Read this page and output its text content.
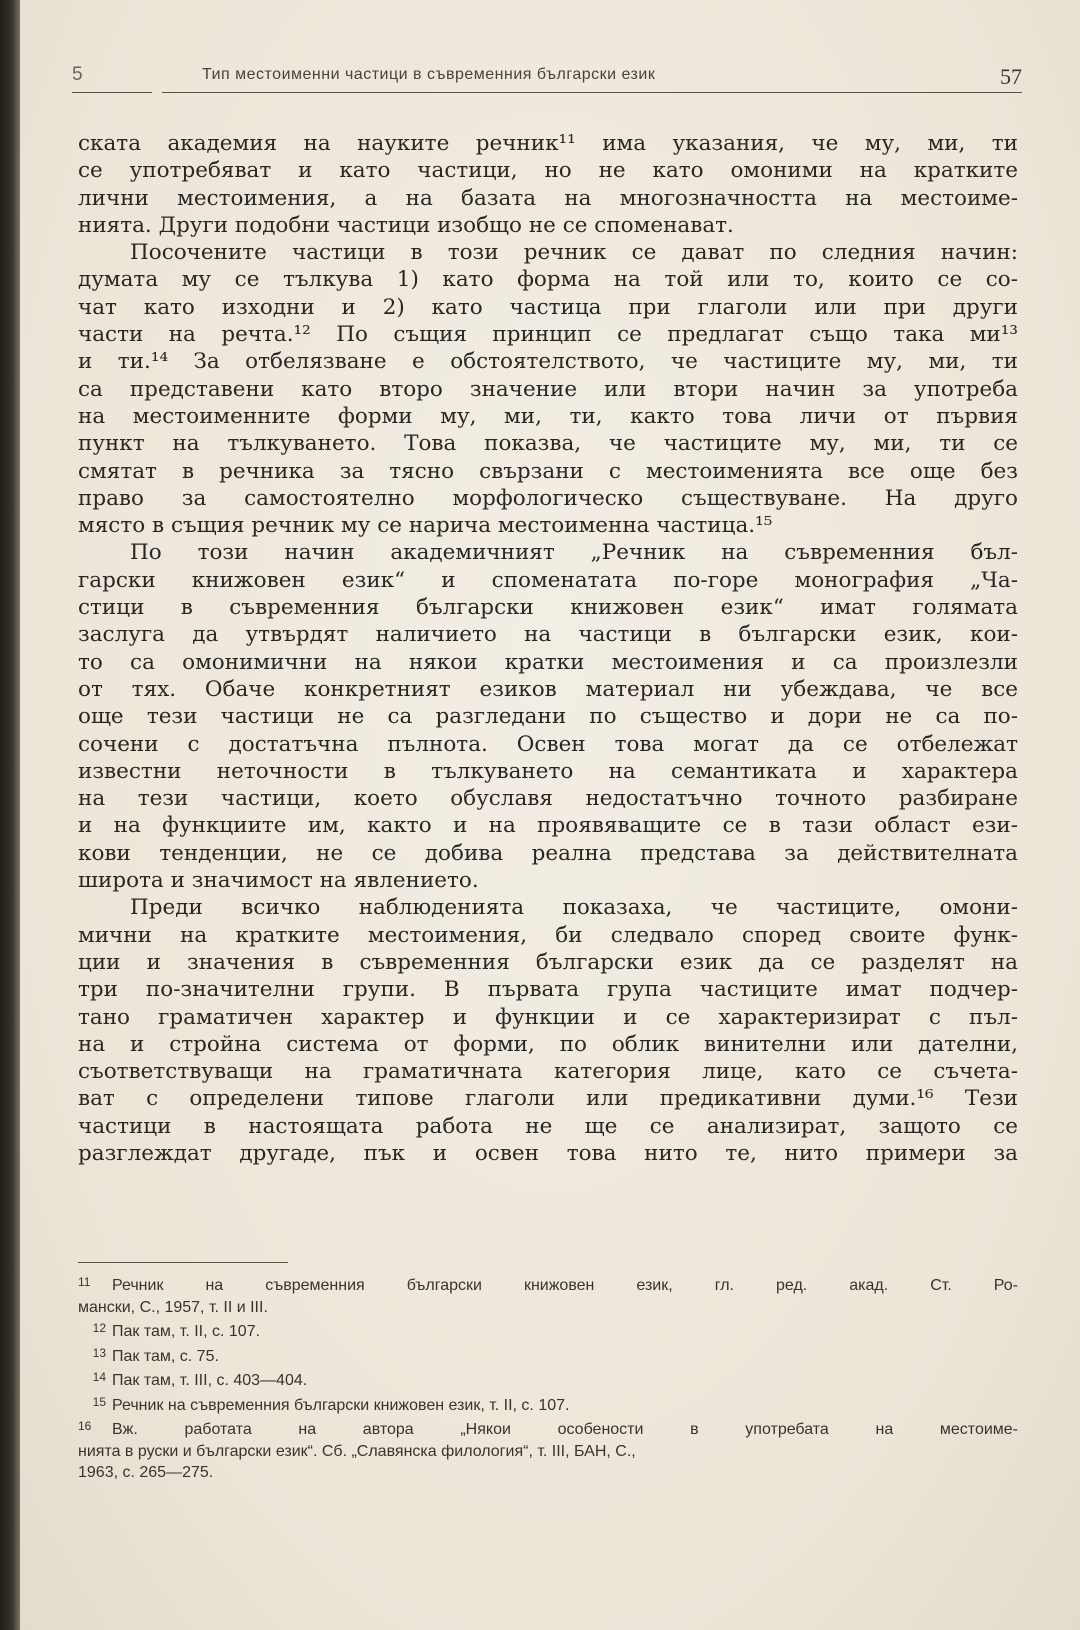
5	Тип местоименни частици в съвременния български език	57
ската академия на науките речник¹¹ има указания, че му, ми, ти
се употребяват и като частици, но не като омоними на кратките
лични местоимения, а на базата на многозначността на местоиме-
нията. Други подобни частици изобщо не се споменават.
Посочените частици в този речник се дават по следния начин:
думата му се тълкува 1) като форма на той или то, които се со-
чат като изходни и 2) като частица при глаголи или при други
части на речта.¹² По същия принцип се предлагат също така ми¹³
и ти.¹⁴ За отбелязване е обстоятелството, че частиците му, ми, ти
са представени като второ значение или втори начин за употреба
на местоименните форми му, ми, ти, както това личи от първия
пункт на тълкуването. Това показва, че частиците му, ми, ти се
смятат в речника за тясно свързани с местоименията все още без
право за самостоятелно морфологическо съществуване. На друго
място в същия речник му се нарича местоименна частица.¹⁵
По този начин академичният „Речник на съвременния бъл-
гарски книжовен език“ и споменатата по-горе монография „Ча-
стици в съвременния български книжовен език“ имат голямата
заслуга да утвърдят наличието на частици в български език, кои-
то са омонимични на някои кратки местоимения и са произлезли
от тях. Обаче конкретният езиков материал ни убеждава, че все
още тези частици не са разгледани по същество и дори не са по-
сочени с достатъчна пълнота. Освен това могат да се отбележат
известни неточности в тълкуването на семантиката и характера
на тези частици, което обуславя недостатъчно точното разбиране
и на функциите им, както и на проявяващите се в тази област ези-
кови тенденции, не се добива реална представа за действителната
широта и значимост на явлението.
Преди всичко наблюденията показаха, че частиците, омони-
мични на кратките местоимения, би следвало според своите функ-
ции и значения в съвременния български език да се разделят на
три по-значителни групи. В първата група частиците имат подчер-
тано граматичен характер и функции и се характеризират с пъл-
на и стройна система от форми, по облик винителни или дателни,
съответствуващи на граматичната категория лице, като се съчета-
ват с определени типове глаголи или предикативни думи.¹⁶ Тези
частици в настоящата работа не ще се анализират, защото се
разглеждат другаде, пък и освен това нито те, нито примери за
11 Речник на съвременния български книжовен език, гл. ред. акад. Ст. Ро-
мански, С., 1957, т. II и III.
12 Пак там, т. II, с. 107.
13 Пак там, с. 75.
14 Пак там, т. III, с. 403—404.
15 Речник на съвременния български книжовен език, т. II, с. 107.
16 Вж. работата на автора „Някои особености в употребата на местоиме-
нията в руски и български език“. Сб. „Славянска филология“, т. III, БАН, С.,
1963, с. 265—275.
